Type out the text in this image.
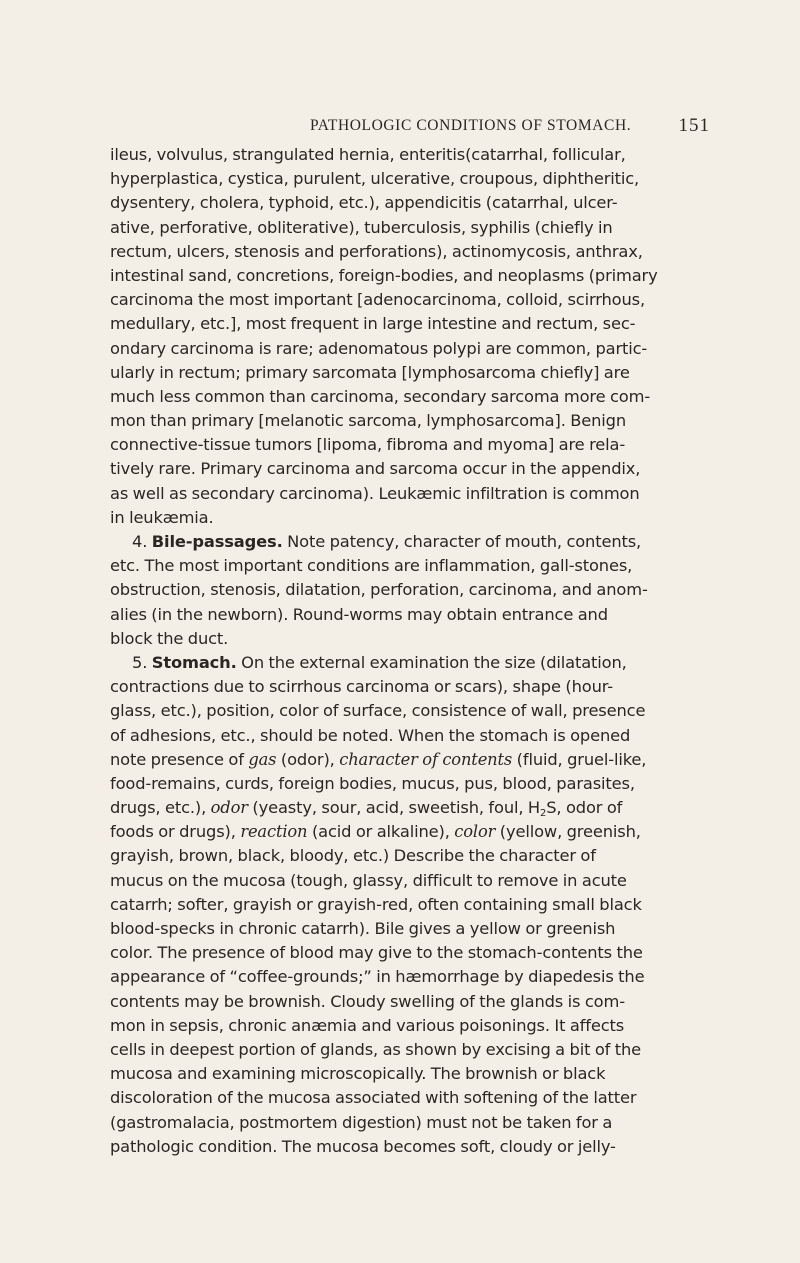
PATHOLOGIC CONDITIONS OF STOMACH. 151
ileus, volvulus, strangulated hernia, enteritis(catarrhal, follicular,
hyperplastica, cystica, purulent, ulcerative, croupous, diphtheritic,
dysentery, cholera, typhoid, etc.), appendicitis (catarrhal, ulcer-
ative, perforative, obliterative), tuberculosis, syphilis (chiefly in
rectum, ulcers, stenosis and perforations), actinomycosis, anthrax,
intestinal sand, concretions, foreign-bodies, and neoplasms (primary
carcinoma the most important [adenocarcinoma, colloid, scirrhous,
medullary, etc.], most frequent in large intestine and rectum, sec-
ondary carcinoma is rare; adenomatous polypi are common, partic-
ularly in rectum; primary sarcomata [lymphosarcoma chiefly] are
much less common than carcinoma, secondary sarcoma more com-
mon than primary [melanotic sarcoma, lymphosarcoma]. Benign
connective-tissue tumors [lipoma, fibroma and myoma] are rela-
tively rare. Primary carcinoma and sarcoma occur in the appendix,
as well as secondary carcinoma). Leukæmic infiltration is common
in leukæmia.
4. Bile-passages. Note patency, character of mouth, contents,
etc. The most important conditions are inflammation, gall-stones,
obstruction, stenosis, dilatation, perforation, carcinoma, and anom-
alies (in the newborn). Round-worms may obtain entrance and
block the duct.
5. Stomach. On the external examination the size (dilatation,
contractions due to scirrhous carcinoma or scars), shape (hour-
glass, etc.), position, color of surface, consistence of wall, presence
of adhesions, etc., should be noted. When the stomach is opened
note presence of gas (odor), character of contents (fluid, gruel-like,
food-remains, curds, foreign bodies, mucus, pus, blood, parasites,
drugs, etc.), odor (yeasty, sour, acid, sweetish, foul, $H_2S$, odor of
foods or drugs), reaction (acid or alkaline), color (yellow, greenish,
grayish, brown, black, bloody, etc.) Describe the character of
mucus on the mucosa (tough, glassy, difficult to remove in acute
catarrh; softer, grayish or grayish-red, often containing small black
blood-specks in chronic catarrh). Bile gives a yellow or greenish
color. The presence of blood may give to the stomach-contents the
appearance of “coffee-grounds;” in hæmorrhage by diapedesis the
contents may be brownish. Cloudy swelling of the glands is com-
mon in sepsis, chronic anæmia and various poisonings. It affects
cells in deepest portion of glands, as shown by excising a bit of the
mucosa and examining microscopically. The brownish or black
discoloration of the mucosa associated with softening of the latter
(gastromalacia, postmortem digestion) must not be taken for a
pathologic condition. The mucosa becomes soft, cloudy or jelly-
